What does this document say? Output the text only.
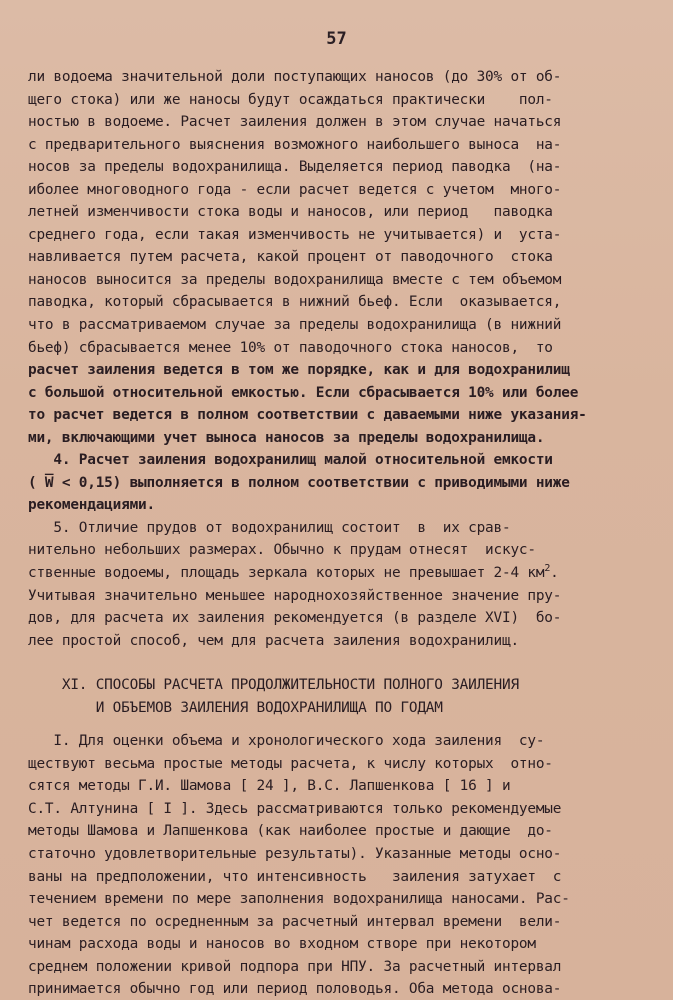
57
ли водоема значительной доли поступающих наносов (до 30% от об-
щего стока) или же наносы будут осаждаться практически    пол-
ностью в водоеме. Расчет заиления должен в этом случае начаться
с предварительного выяснения возможного наибольшего выноса  на-
носов за пределы водохранилища. Выделяется период паводка  (на-
иболее многоводного года - если расчет ведется с учетом  много-
летней изменчивости стока воды и наносов, или период   паводка
среднего года, если такая изменчивость не учитывается) и  уста-
навливается путем расчета, какой процент от паводочного  стока
наносов выносится за пределы водохранилища вместе с тем объемом
паводка, который сбрасывается в нижний бьеф. Если  оказывается,
что в рассматриваемом случае за пределы водохранилища (в нижний
бьеф) сбрасывается менее 10% от паводочного стока наносов,  то
расчет заиления ведется в том же порядке, как и для водохранилищ
с большой относительной емкостью. Если сбрасывается 10% или более
то расчет ведется в полном соответствии с даваемыми ниже указания-
ми, включающими учет выноса наносов за пределы водохранилища.
4. Расчет заиления водохранилищ малой относительной емкости
( W̅ < 0,15) выполняется в полном соответствии с приводимыми ниже
рекомендациями.
5. Отличие прудов от водохранилищ состоит  в  их срав-
нительно небольших размерах. Обычно к прудам отнесят  искус-
ственные водоемы, площадь зеркала которых не превышает 2-4 $км^2$.
Учитывая значительно меньшее народнохозяйственное значение пру-
дов, для расчета их заиления рекомендуется (в разделе XVI)  бо-
лее простой способ, чем для расчета заиления водохранилищ.
XI. СПОСОБЫ РАСЧЕТА ПРОДОЛЖИТЕЛЬНОСТИ ПОЛНОГО ЗАИЛЕНИЯ
И ОБЪЕМОВ ЗАИЛЕНИЯ ВОДОХРАНИЛИЩА ПО ГОДАМ
I. Для оценки объема и хронологического хода заиления  су-
ществуют весьма простые методы расчета, к числу которых  отно-
сятся методы Г.И. Шамова [ 24 ], В.С. Лапшенкова [ 16 ] и
С.Т. Алтунина [ I ]. Здесь рассматриваются только рекомендуемые
методы Шамова и Лапшенкова (как наиболее простые и дающие  до-
статочно удовлетворительные результаты). Указанные методы осно-
ваны на предположении, что интенсивность   заиления затухает  с
течением времени по мере заполнения водохранилища наносами. Рас-
чет ведется по осредненным за расчетный интервал времени  вели-
чинам расхода воды и наносов во входном створе при некотором
среднем положении кривой подпора при НПУ. За расчетный интервал
принимается обычно год или период половодья. Оба метода основа-
